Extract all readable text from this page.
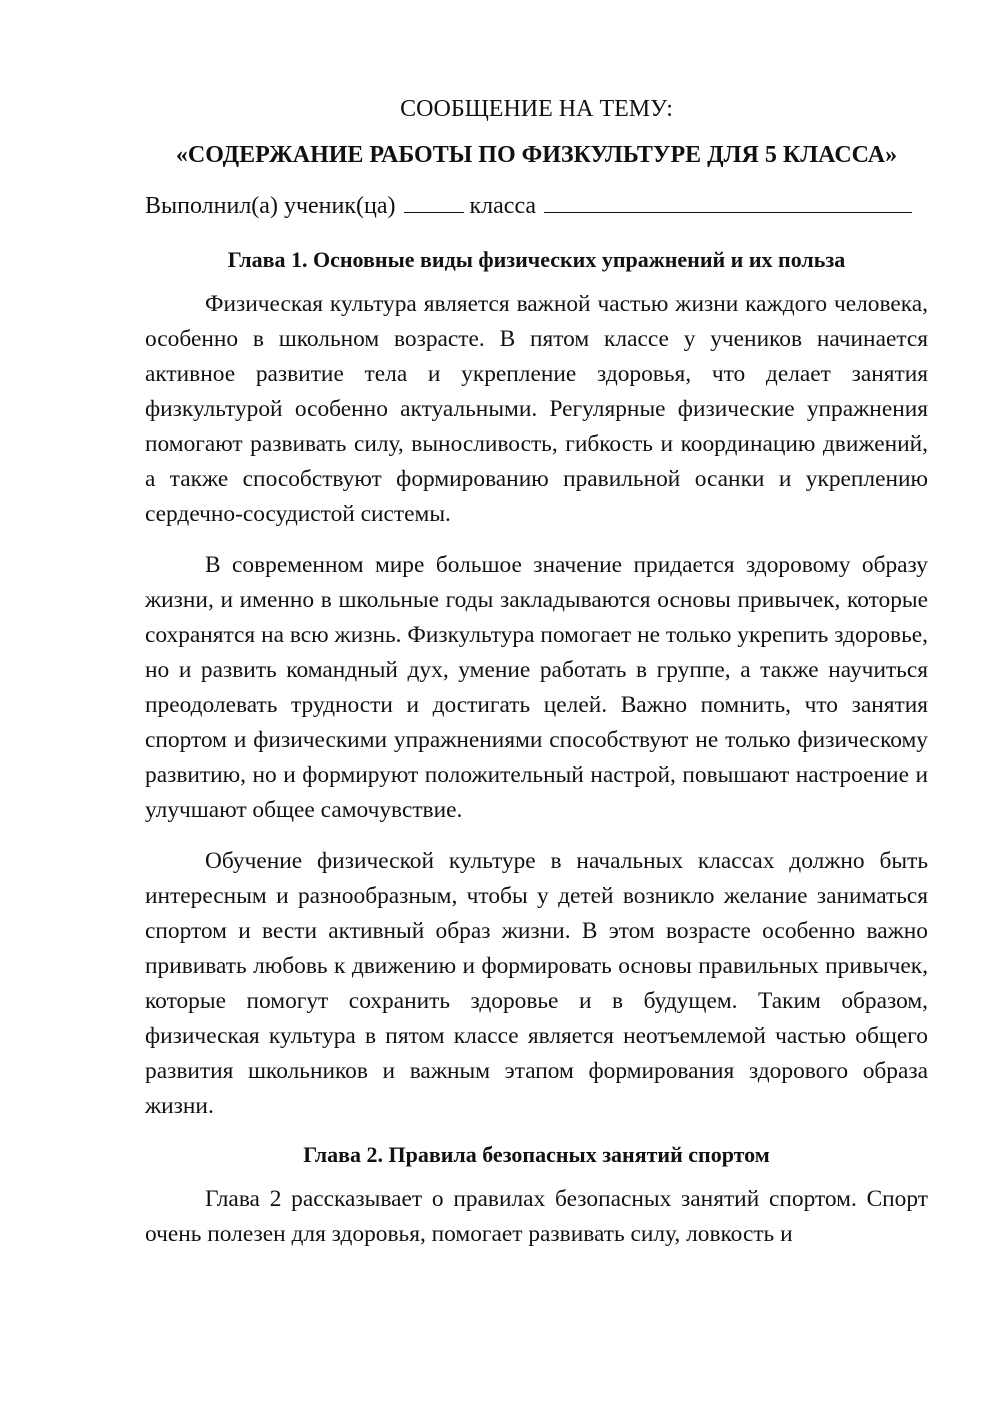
СООБЩЕНИЕ НА ТЕМУ:

«СОДЕРЖАНИЕ РАБОТЫ ПО ФИЗКУЛЬТУРЕ ДЛЯ 5 КЛАССА»

Выполнил(а) ученик(ца)	класса
Глава 1. Основные виды физических упражнений и их польза

Физическая культура является важной частью жизни каждого человека, особенно в школьном возрасте. В пятом классе у учеников начинается активное развитие тела и укрепление здоровья, что делает занятия физкультурой особенно актуальными. Регулярные физические упражнения помогают развивать силу, выносливость, гибкость и координацию движений, а также способствуют формированию правильной осанки и укреплению сердечно-сосудистой системы.

В современном мире большое значение придается здоровому образу жизни, и именно в школьные годы закладываются основы привычек, которые сохранятся на всю жизнь. Физкультура помогает не только укрепить здоровье, но и развить командный дух, умение работать в группе, а также научиться преодолевать трудности и достигать целей. Важно помнить, что занятия спортом и физическими упражнениями способствуют не только физическому развитию, но и формируют положительный настрой, повышают настроение и улучшают общее самочувствие.

Обучение физической культуре в начальных классах должно быть интересным и разнообразным, чтобы у детей возникло желание заниматься спортом и вести активный образ жизни. В этом возрасте особенно важно прививать любовь к движению и формировать основы правильных привычек, которые помогут сохранить здоровье и в будущем. Таким образом, физическая культура в пятом классе является неотъемлемой частью общего развития школьников и важным этапом формирования здорового образа жизни.

Глава 2. Правила безопасных занятий спортом

Глава 2 рассказывает о правилах безопасных занятий спортом. Спорт очень полезен для здоровья, помогает развивать силу, ловкость и
